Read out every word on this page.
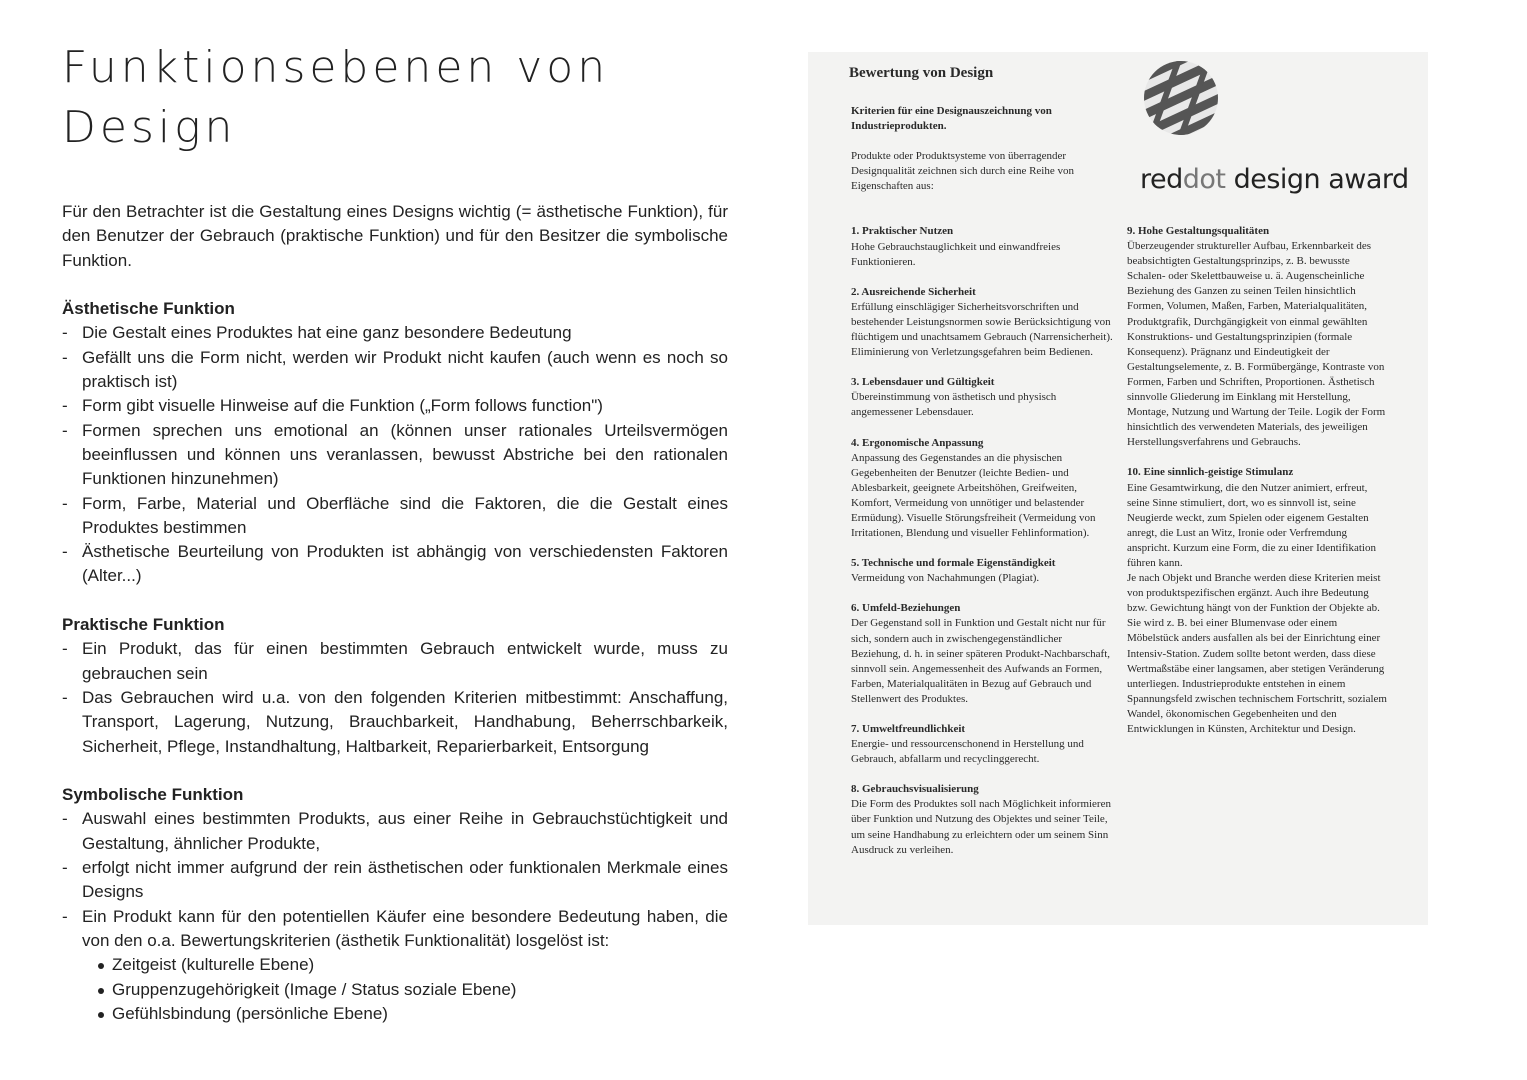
Funktionsebenen von Design

Für den Betrachter ist die Gestaltung eines Designs wichtig (= ästhetische Funktion), für den Benutzer der Gebrauch (praktische Funktion) und für den Besitzer die symbolische Funktion.

Ästhetische Funktion
- Die Gestalt eines Produktes hat eine ganz besondere Bedeutung
- Gefällt uns die Form nicht, werden wir Produkt nicht kaufen (auch wenn es noch so praktisch ist)
- Form gibt visuelle Hinweise auf die Funktion („Form follows function")
- Formen sprechen uns emotional an (können unser rationales Urteilsvermögen beeinflussen und können uns veranlassen, bewusst Abstriche bei den rationalen Funktionen hinzunehmen)
- Form, Farbe, Material und Oberfläche sind die Faktoren, die die Gestalt eines Produktes bestimmen
- Ästhetische Beurteilung von Produkten ist abhängig von verschiedensten Faktoren (Alter...)
Praktische Funktion
- Ein Produkt, das für einen bestimmten Gebrauch entwickelt wurde, muss zu gebrauchen sein
- Das Gebrauchen wird u.a. von den folgenden Kriterien mitbestimmt: Anschaffung, Transport, Lagerung, Nutzung, Brauchbarkeit, Handhabung, Beherrschbarkeik, Sicherheit, Pflege, Instandhaltung, Haltbarkeit, Reparierbarkeit, Entsorgung
Symbolische Funktion
- Auswahl eines bestimmten Produkts, aus einer Reihe in Gebrauchstüchtigkeit und Gestaltung, ähnlicher Produkte,
- erfolgt nicht immer aufgrund der rein ästhetischen oder funktionalen Merkmale eines Designs
- Ein Produkt kann für den potentiellen Käufer eine besondere Bedeutung haben, die von den o.a. Bewertungskriterien (ästhetik Funktionalität) losgelöst ist:
Zeitgeist (kulturelle Ebene)
Gruppenzugehörigkeit (Image / Status soziale Ebene)
Gefühlsbindung (persönliche Ebene)
Bewertung von Design
reddot design award
Kriterien für eine Designauszeichnung von Industrieprodukten.
Produkte oder Produktsysteme von überragender Designqualität zeichnen sich durch eine Reihe von Eigenschaften aus:
1. Praktischer Nutzen
Hohe Gebrauchstauglichkeit und einwandfreies Funktionieren.
2. Ausreichende Sicherheit
Erfüllung einschlägiger Sicherheitsvorschriften und bestehender Leistungsnormen sowie Berücksichtigung von flüchtigem und unachtsamem Gebrauch (Narrensicherheit). Eliminierung von Verletzungsgefahren beim Bedienen.
3. Lebensdauer und Gültigkeit
Übereinstimmung von ästhetisch und physisch angemessener Lebensdauer.
4. Ergonomische Anpassung
Anpassung des Gegenstandes an die physischen Gegebenheiten der Benutzer (leichte Bedien- und Ablesbarkeit, geeignete Arbeitshöhen, Greifweiten, Komfort, Vermeidung von unnötiger und belastender Ermüdung). Visuelle Störungsfreiheit (Vermeidung von Irritationen, Blendung und visueller Fehlinformation).
5. Technische und formale Eigenständigkeit
Vermeidung von Nachahmungen (Plagiat).
6. Umfeld-Beziehungen
Der Gegenstand soll in Funktion und Gestalt nicht nur für sich, sondern auch in zwischengegenständlicher Beziehung, d. h. in seiner späteren Produkt-Nachbarschaft, sinnvoll sein. Angemessenheit des Aufwands an Formen, Farben, Materialqualitäten in Bezug auf Gebrauch und Stellenwert des Produktes.
7. Umweltfreundlichkeit
Energie- und ressourcenschonend in Herstellung und Gebrauch, abfallarm und recyclinggerecht.
8. Gebrauchsvisualisierung
Die Form des Produktes soll nach Möglichkeit informieren über Funktion und Nutzung des Objektes und seiner Teile, um seine Handhabung zu erleichtern oder um seinem Sinn Ausdruck zu verleihen.
9. Hohe Gestaltungsqualitäten
Überzeugender struktureller Aufbau, Erkennbarkeit des beabsichtigten Gestaltungsprinzips, z. B. bewusste Schalen- oder Skelettbauweise u. ä. Augenscheinliche Beziehung des Ganzen zu seinen Teilen hinsichtlich Formen, Volumen, Maßen, Farben, Materialqualitäten, Produktgrafik, Durchgängigkeit von einmal gewählten Konstruktions- und Gestaltungsprinzipien (formale Konsequenz). Prägnanz und Eindeutigkeit der Gestaltungselemente, z. B. Formübergänge, Kontraste von Formen, Farben und Schriften, Proportionen. Ästhetisch sinnvolle Gliederung im Einklang mit Herstellung, Montage, Nutzung und Wartung der Teile. Logik der Form hinsichtlich des verwendeten Materials, des jeweiligen Herstellungsverfahrens und Gebrauchs.
10. Eine sinnlich-geistige Stimulanz
Eine Gesamtwirkung, die den Nutzer animiert, erfreut, seine Sinne stimuliert, dort, wo es sinnvoll ist, seine Neugierde weckt, zum Spielen oder eigenem Gestalten anregt, die Lust an Witz, Ironie oder Verfremdung anspricht. Kurzum eine Form, die zu einer Identifikation führen kann.
Je nach Objekt und Branche werden diese Kriterien meist von produktspezifischen ergänzt. Auch ihre Bedeutung bzw. Gewichtung hängt von der Funktion der Objekte ab. Sie wird z. B. bei einer Blumenvase oder einem Möbelstück anders ausfallen als bei der Einrichtung einer Intensiv-Station. Zudem sollte betont werden, dass diese Wertmaßstäbe einer langsamen, aber stetigen Veränderung unterliegen. Industrieprodukte entstehen in einem Spannungsfeld zwischen technischem Fortschritt, sozialem Wandel, ökonomischen Gegebenheiten und den Entwicklungen in Künsten, Architektur und Design.
